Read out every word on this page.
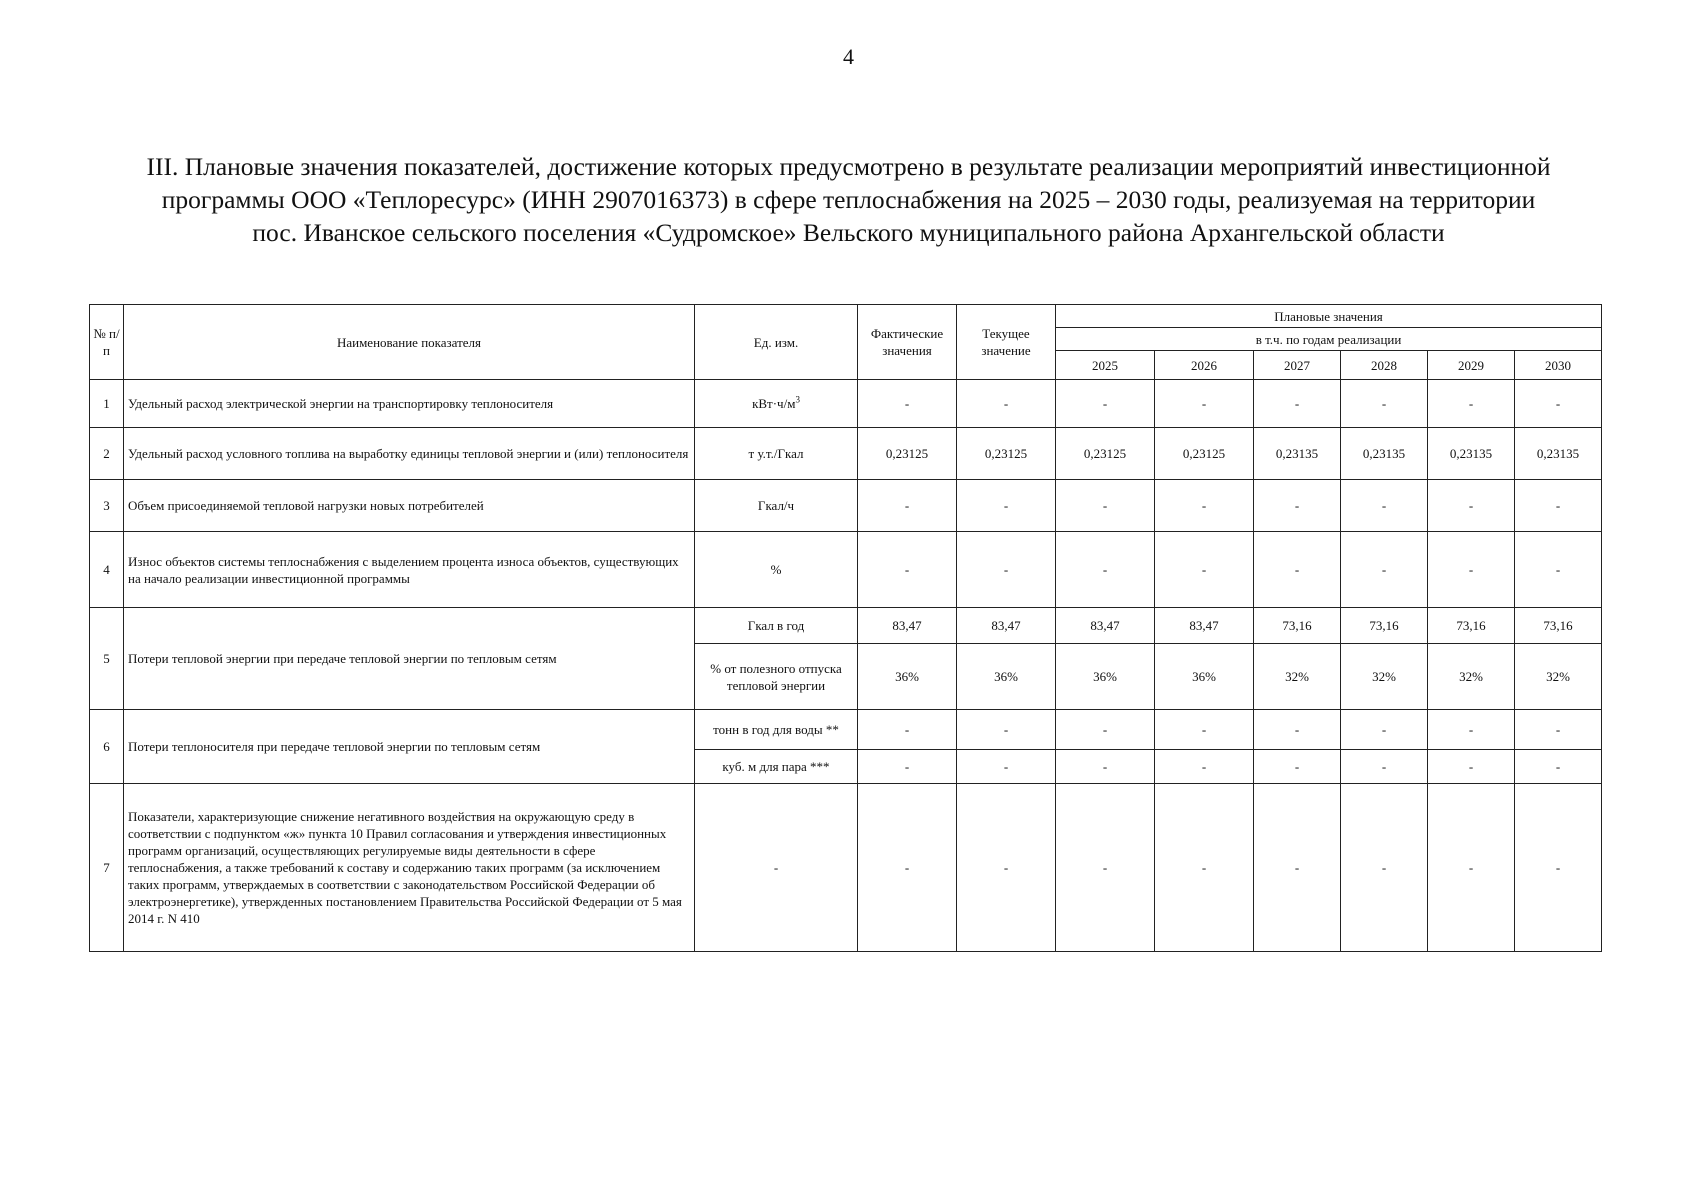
4
III. Плановые значения показателей, достижение которых предусмотрено в результате реализации мероприятий инвестиционной
программы ООО «Теплоресурс» (ИНН 2907016373) в сфере теплоснабжения на 2025 – 2030 годы, реализуемая на территории
пос. Иванское сельского поселения «Судромское» Вельского муниципального района Архангельской области
№ п/п	Наименование показателя	Ед. изм.	Фактические значения	Текущее значение	Плановые значения					
					в т.ч. по годам реализации					
					2025	2026	2027	2028	2029	2030
1	Удельный расход электрической энергии на транспортировку теплоносителя	$кВт\cdot ч/м^3$	-	-	-	-	-	-	-	-
2	Удельный расход условного топлива на выработку единицы тепловой энергии и (или) теплоносителя	т у.т./Гкал	0,23125	0,23125	0,23125	0,23125	0,23135	0,23135	0,23135	0,23135
3	Объем присоединяемой тепловой нагрузки новых потребителей	Гкал/ч	-	-	-	-	-	-	-	-
4	Износ объектов системы теплоснабжения с выделением процента износа объектов, существующих на начало реализации инвестиционной программы	%	-	-	-	-	-	-	-	-
5	Потери тепловой энергии при передаче тепловой энергии по тепловым сетям	Гкал в год	83,47	83,47	83,47	83,47	73,16	73,16	73,16	73,16
		% от полезного отпуска тепловой энергии	36%	36%	36%	36%	32%	32%	32%	32%
6	Потери теплоносителя при передаче тепловой энергии по тепловым сетям	тонн в год для воды **	-	-	-	-	-	-	-	-
		куб. м для пара ***	-	-	-	-	-	-	-	-
7	Показатели, характеризующие снижение негативного воздействия на окружающую среду в соответствии с подпунктом «ж» пункта 10 Правил согласования и утверждения инвестиционных программ организаций, осуществляющих регулируемые виды деятельности в сфере теплоснабжения, а также требований к составу и содержанию таких программ (за исключением таких программ, утверждаемых в соответствии с законодательством Российской Федерации об электроэнергетике), утвержденных постановлением Правительства Российской Федерации от 5 мая 2014 г. N 410	-	-	-	-	-	-	-	-	-
